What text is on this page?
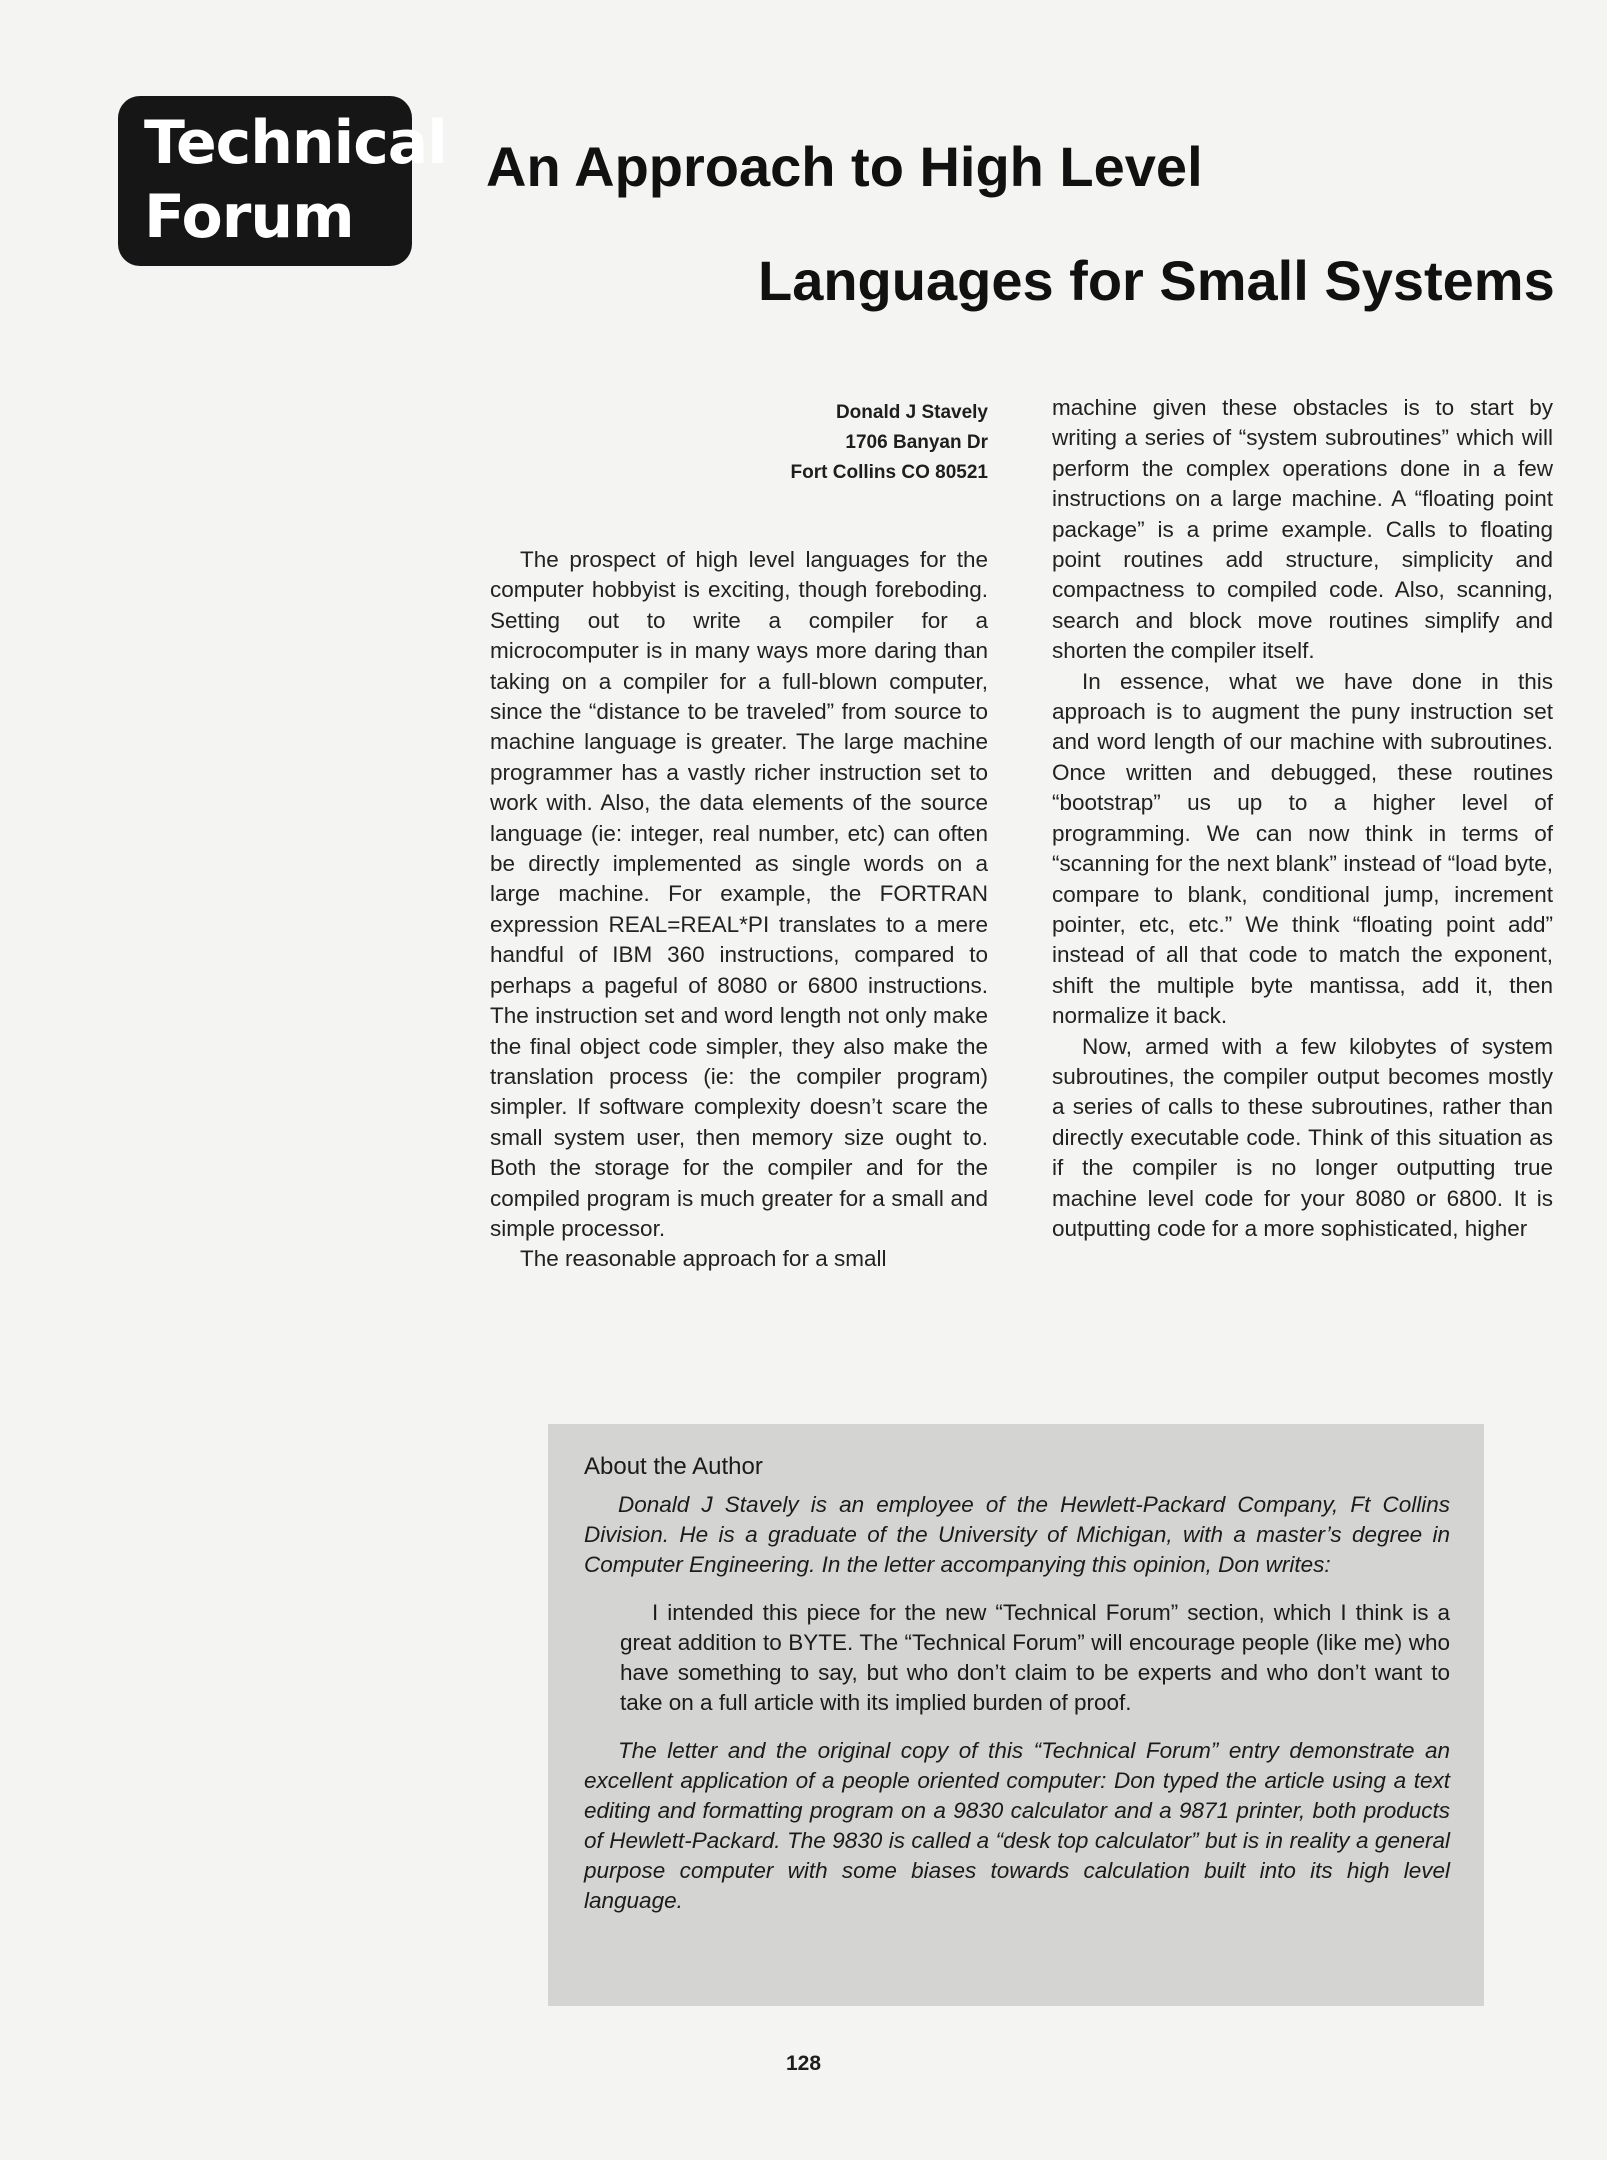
Technical
Forum
An Approach to High Level
Languages for Small Systems
Donald J Stavely
1706 Banyan Dr
Fort Collins CO 80521

The prospect of high level languages for the computer hobbyist is exciting, though foreboding. Setting out to write a compiler for a microcomputer is in many ways more daring than taking on a compiler for a full-blown computer, since the “distance to be traveled” from source to machine language is greater. The large machine programmer has a vastly richer instruction set to work with. Also, the data elements of the source language (ie: integer, real number, etc) can often be directly implemented as single words on a large machine. For example, the FORTRAN expression REAL=REAL*PI translates to a mere handful of IBM 360 instructions, compared to perhaps a pageful of 8080 or 6800 instructions. The instruction set and word length not only make the final object code simpler, they also make the translation process (ie: the compiler program) simpler. If software complexity doesn’t scare the small system user, then memory size ought to. Both the storage for the compiler and for the compiled program is much greater for a small and simple processor.

The reasonable approach for a small

machine given these obstacles is to start by writing a series of “system subroutines” which will perform the complex operations done in a few instructions on a large machine. A “floating point package” is a prime example. Calls to floating point routines add structure, simplicity and compactness to compiled code. Also, scanning, search and block move routines simplify and shorten the compiler itself.

In essence, what we have done in this approach is to augment the puny instruction set and word length of our machine with subroutines. Once written and debugged, these routines “bootstrap” us up to a higher level of programming. We can now think in terms of “scanning for the next blank” instead of “load byte, compare to blank, conditional jump, increment pointer, etc, etc.” We think “floating point add” instead of all that code to match the exponent, shift the multiple byte mantissa, add it, then normalize it back.

Now, armed with a few kilobytes of system subroutines, the compiler output becomes mostly a series of calls to these subroutines, rather than directly executable code. Think of this situation as if the compiler is no longer outputting true machine level code for your 8080 or 6800. It is outputting code for a more sophisticated, higher

About the Author

Donald J Stavely is an employee of the Hewlett-Packard Company, Ft Collins Division. He is a graduate of the University of Michigan, with a master’s degree in Computer Engineering. In the letter accompanying this opinion, Don writes:

I intended this piece for the new “Technical Forum” section, which I think is a great addition to BYTE. The “Technical Forum” will encourage people (like me) who have something to say, but who don’t claim to be experts and who don’t want to take on a full article with its implied burden of proof.

The letter and the original copy of this “Technical Forum” entry demonstrate an excellent application of a people oriented computer: Don typed the article using a text editing and formatting program on a 9830 calculator and a 9871 printer, both products of Hewlett-Packard. The 9830 is called a “desk top calculator” but is in reality a general purpose computer with some biases towards calculation built into its high level language.

128
